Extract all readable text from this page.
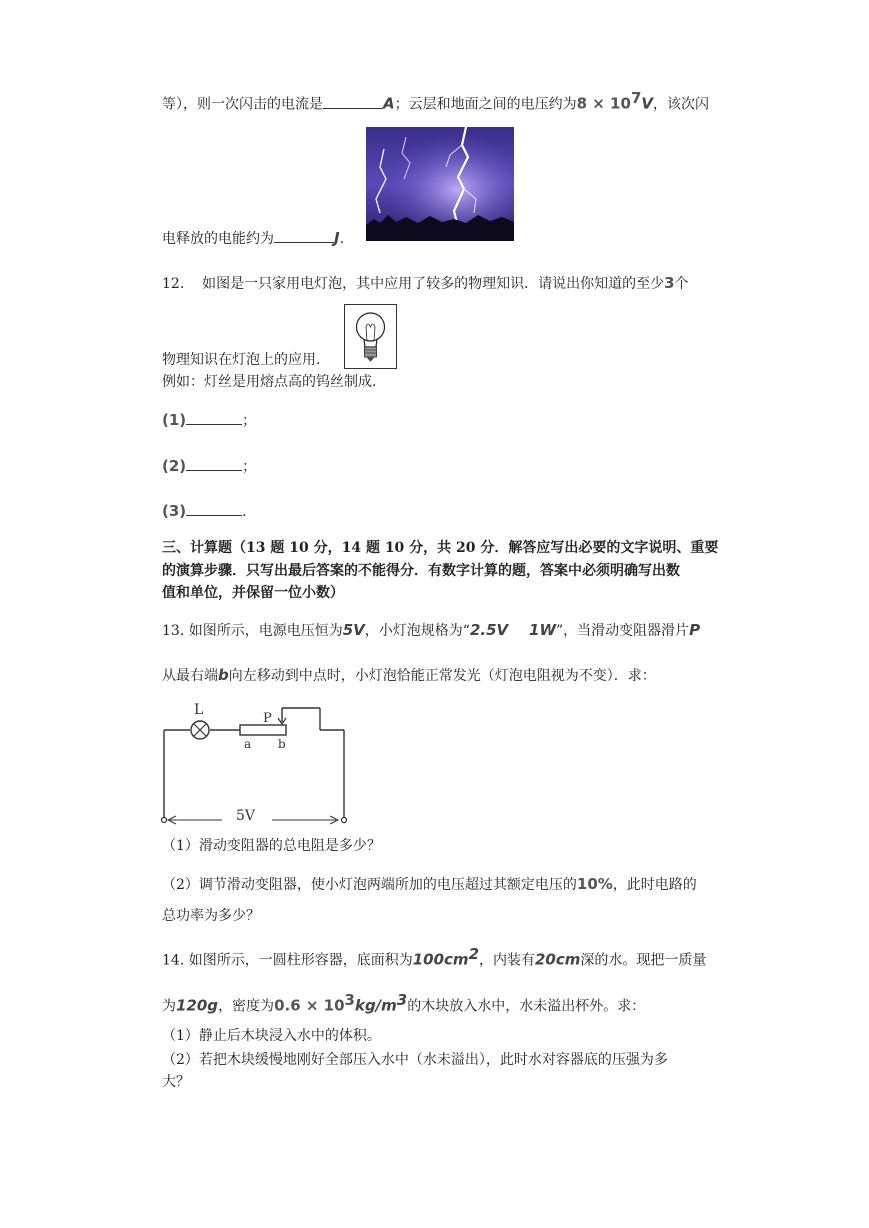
等），则一次闪击的电流是	A；云层和地面之间的电压约为$8 \times 10^7V$，该次闪
电释放的电能约为	J.
12. 如图是一只家用电灯泡，其中应用了较多的物理知识．请说出你知道的至少3个
物理知识在灯泡上的应用．
例如：灯丝是用熔点高的钨丝制成．
(1)	；
(2)	；
(3)	.
三、计算题（13 题 10 分，14 题 10 分，共 20 分．解答应写出必要的文字说明、重要
的演算步骤．只写出最后答案的不能得分．有数字计算的题，答案中必须明确写出数
值和单位，并保留一位小数）
13. 如图所示，电源电压恒为5V，小灯泡规格为“2.5V    1W”，当滑动变阻器滑片P
从最右端b向左移动到中点时，小灯泡恰能正常发光（灯泡电阻视为不变）．求：
L
P
a b
5V
（1）滑动变阻器的总电阻是多少？
（2）调节滑动变阻器，使小灯泡两端所加的电压超过其额定电压的10%，此时电路的
总功率为多少？
14. 如图所示，一圆柱形容器，底面积为$100cm^2$，内装有20cm深的水。现把一质量
为120g，密度为$0.6 \times 10^3kg/m^3$的木块放入水中，水未溢出杯外。求：
（1）静止后木块浸入水中的体积。
（2）若把木块缓慢地刚好全部压入水中（水未溢出），此时水对容器底的压强为多
大？
